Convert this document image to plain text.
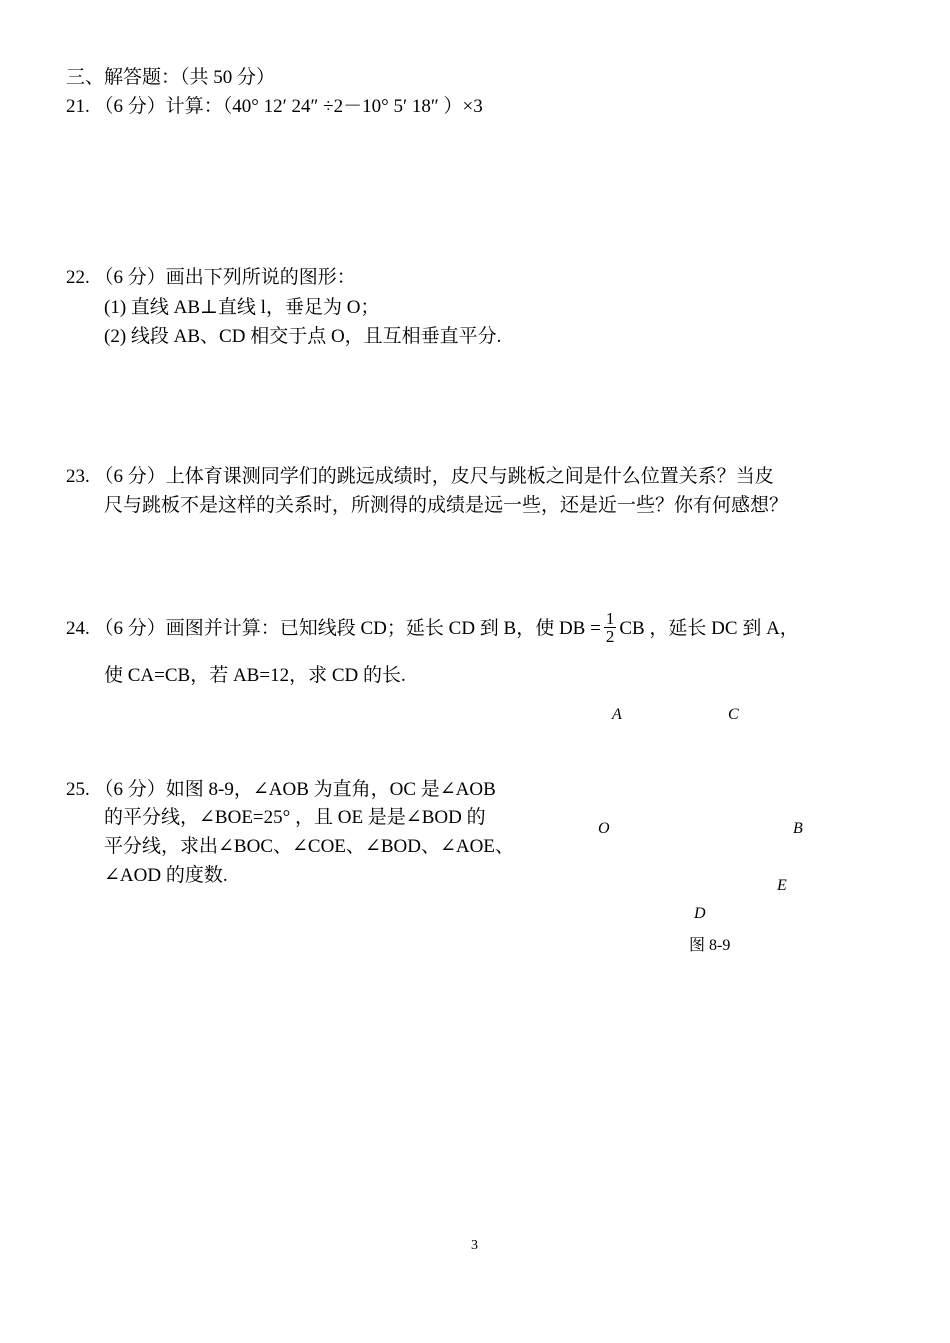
三、解答题：（共 50 分）
21. （6 分）计算：（40° 12′ 24″ ÷2－10° 5′ 18″ ）×3
22. （6 分）画出下列所说的图形：
(1) 直线 AB⊥直线 l，垂足为 O；
(2) 线段 AB、CD 相交于点 O，且互相垂直平分.
23. （6 分）上体育课测同学们的跳远成绩时，皮尺与跳板之间是什么位置关系？当皮
尺与跳板不是这样的关系时，所测得的成绩是远一些，还是近一些？你有何感想？
24. （6 分）画图并计算：已知线段 CD；延长 CD 到 B，使 DB = $\frac{1}{2}$ CB ，延长 DC 到 A，
使 CA=CB，若 AB=12，求 CD 的长.
25. （6 分）如图 8-9，∠AOB 为直角，OC 是∠AOB
的平分线，∠BOE=25° ，且 OE 是是∠BOD 的
平分线，求出∠BOC、∠COE、∠BOD、∠AOE、
∠AOD 的度数.
A	C
O	B
E
D
图 8-9
3
